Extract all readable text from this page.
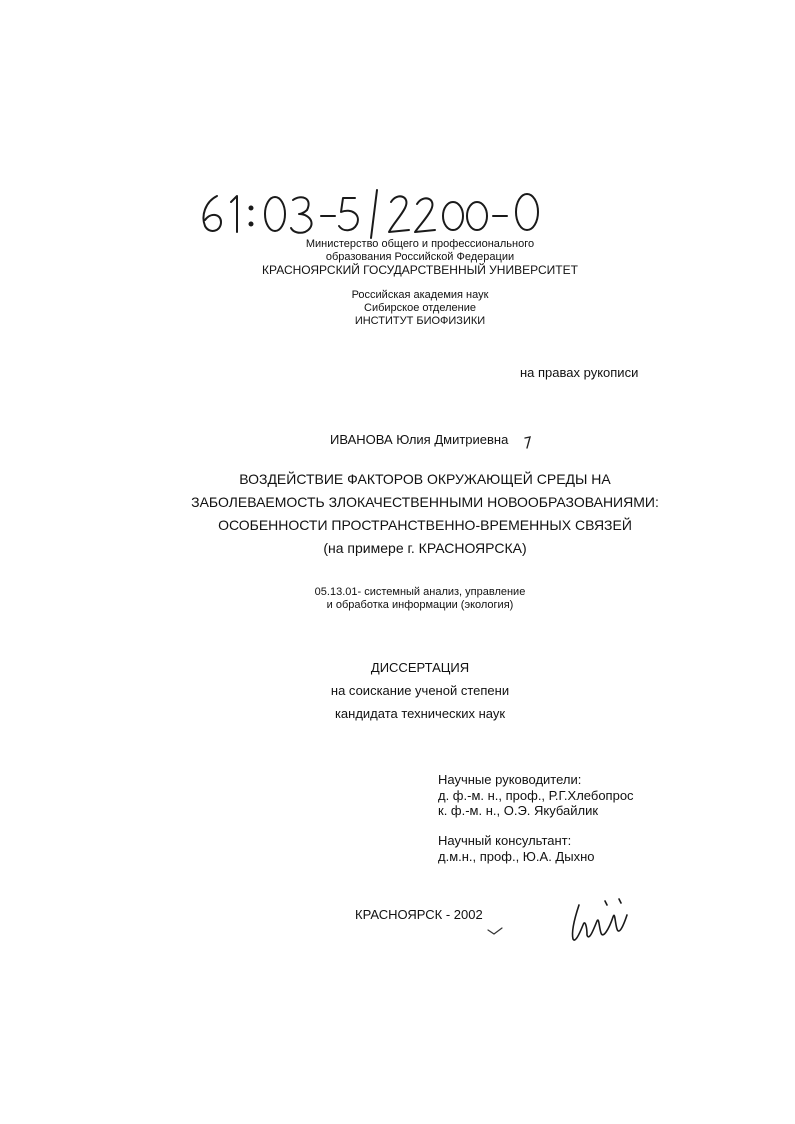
Министерство общего и профессионального
образования Российской Федерации
КРАСНОЯРСКИЙ ГОСУДАРСТВЕННЫЙ УНИВЕРСИТЕТ
Российская академия наук
Сибирское отделение
ИНСТИТУТ БИОФИЗИКИ
на правах рукописи
ИВАНОВА Юлия Дмитриевна
ВОЗДЕЙСТВИЕ ФАКТОРОВ ОКРУЖАЮЩЕЙ СРЕДЫ НА
ЗАБОЛЕВАЕМОСТЬ ЗЛОКАЧЕСТВЕННЫМИ НОВООБРАЗОВАНИЯМИ:
ОСОБЕННОСТИ ПРОСТРАНСТВЕННО-ВРЕМЕННЫХ СВЯЗЕЙ
(на примере г. КРАСНОЯРСКА)
05.13.01- системный анализ, управление
и обработка информации (экология)
ДИССЕРТАЦИЯ
на соискание ученой степени
кандидата технических наук
Научные руководители:
д. ф.-м. н., проф., Р.Г.Хлебопрос
к. ф.-м. н., О.Э. Якубайлик
Научный консультант:
д.м.н., проф., Ю.А. Дыхно
КРАСНОЯРСК - 2002
